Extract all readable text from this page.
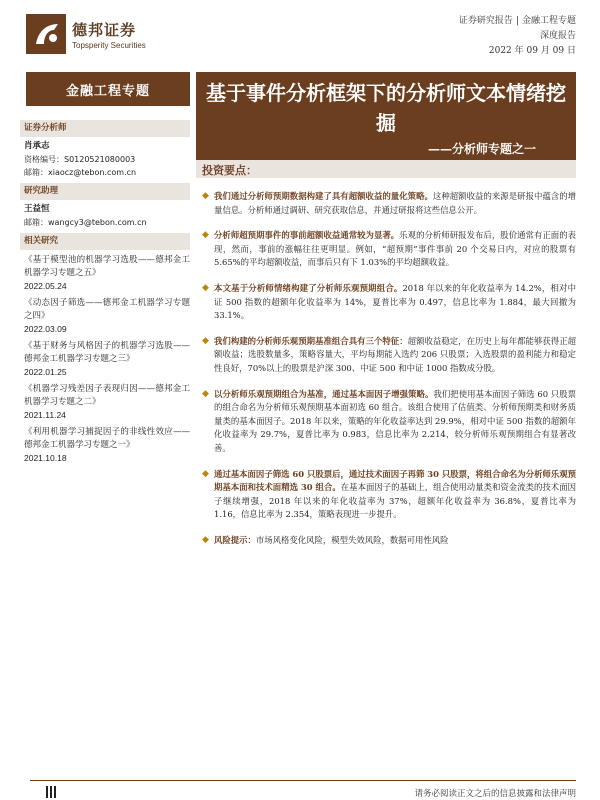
德邦证券
Topsperity Securities
证券研究报告 | 金融工程专题
深度报告
2022 年 09 月 09 日
金融工程专题	基于事件分析框架下的分析师文本情绪挖掘
——分析师专题之一
证券分析师
肖承志
资格编号：S0120521080003
邮箱：xiaocz@tebon.com.cn
研究助理
王益恒
邮箱：wangcy3@tebon.com.cn
相关研究
《基于模型池的机器学习选股——德邦金工机器学习专题之五》
2022.05.24
《动态因子筛选——德邦金工机器学习专题之四》
2022.03.09
《基于财务与风格因子的机器学习选股——德邦金工机器学习专题之三》
2022.01.25
《机器学习残差因子表现归因——德邦金工机器学习专题之二》
2021.11.24
《利用机器学习捕捉因子的非线性效应——德邦金工机器学习专题之一》
2021.10.18
投资要点：
◆ 我们通过分析师预期数据构建了具有超额收益的量化策略。这种超额收益的来源是研报中蕴含的增量信息。分析师通过调研、研究获取信息，并通过研报将这些信息公开。
◆ 分析师超预期事件的事前超额收益通常较为显著。乐观的分析师研报发布后，股价通常有正面的表现，然而，事前的涨幅往往更明显。例如，“超预期”事件事前 20 个交易日内，对应的股票有 5.65%的平均超额收益，而事后只有下 1.03%的平均超额收益。
◆ 本文基于分析师情绪构建了分析师乐观预期组合。2018 年以来的年化收益率为 14.2%，相对中证 500 指数的超额年化收益率为 14%，夏普比率为 0.497，信息比率为 1.884，最大回撤为 33.1%。
◆ 我们构建的分析师乐观预期基准组合具有三个特征：超额收益稳定，在历史上每年都能够获得正超额收益；选股数量多，策略容量大，平均每期能入选约 206 只股票；入选股票的盈利能力和稳定性良好，70%以上的股票是沪深 300、中证 500 和中证 1000 指数成分股。
◆ 以分析师乐观预期组合为基准，通过基本面因子增强策略。我们把使用基本面因子筛选 60 只股票的组合命名为分析师乐观预期基本面初选 60 组合。该组合使用了估值类、分析师预期类和财务质量类的基本面因子。2018 年以来，策略的年化收益率达到 29.9%，相对中证 500 指数的超额年化收益率为 29.7%，夏普比率为 0.983，信息比率为 2.214，较分析师乐观预期组合有显著改善。
◆ 通过基本面因子筛选 60 只股票后，通过技术面因子再筛 30 只股票，将组合命名为分析师乐观预期基本面和技术面精选 30 组合。在基本面因子的基础上，组合使用动量类和资金流类的技术面因子继续增强，2018 年以来的年化收益率为 37%，超额年化收益率为 36.8%，夏普比率为 1.16，信息比率为 2.354，策略表现进一步提升。
◆ 风险提示：市场风格变化风险，模型失效风险，数据可用性风险
请务必阅读正文之后的信息披露和法律声明
